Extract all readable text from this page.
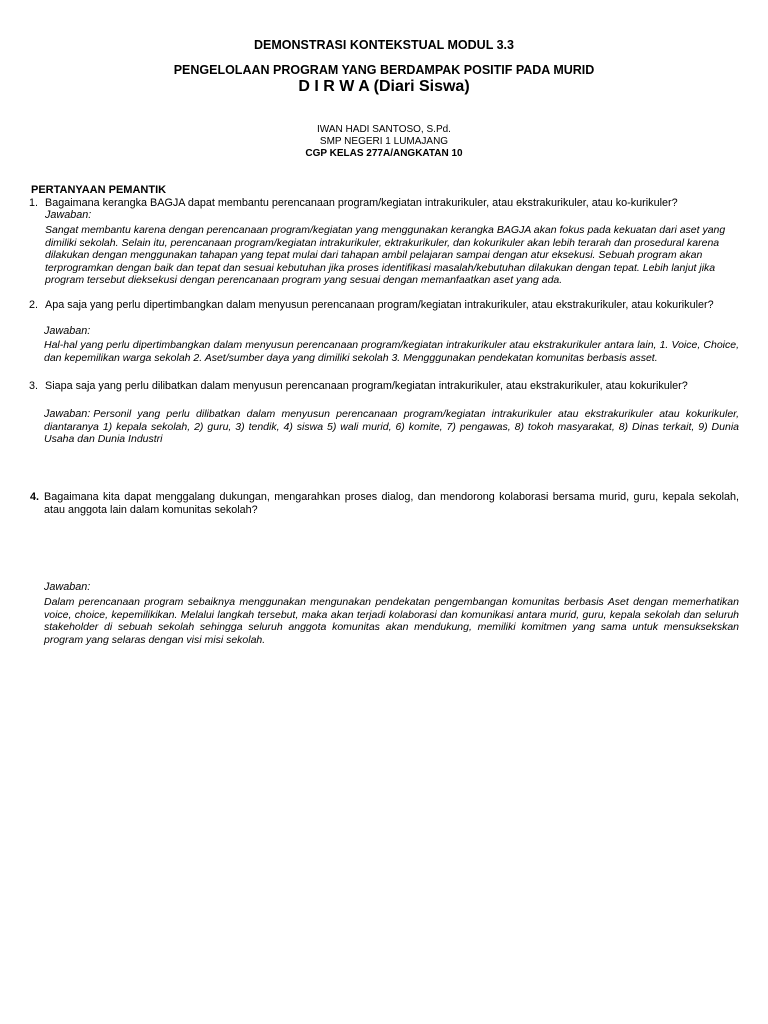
DEMONSTRASI KONTEKSTUAL MODUL 3.3
PENGELOLAAN PROGRAM YANG BERDAMPAK POSITIF PADA MURID
D I R W A (Diari Siswa)
IWAN HADI SANTOSO, S.Pd.
SMP NEGERI 1 LUMAJANG
CGP KELAS 277A/ANGKATAN 10
PERTANYAAN PEMANTIK
1. Bagaimana kerangka BAGJA dapat membantu perencanaan program/kegiatan intrakurikuler, atau ekstrakurikuler, atau ko-kurikuler?
Jawaban:
Sangat membantu karena dengan perencanaan program/kegiatan yang menggunakan kerangka BAGJA akan fokus pada kekuatan dari aset yang dimiliki sekolah. Selain itu, perencanaan program/kegiatan intrakurikuler, ektrakurikuler, dan kokurikuler akan lebih terarah dan prosedural karena dilakukan dengan menggunakan tahapan yang tepat mulai dari tahapan ambil pelajaran sampai dengan atur eksekusi. Sebuah program akan terprogramkan dengan baik dan tepat dan sesuai kebutuhan jika proses identifikasi masalah/kebutuhan dilakukan dengan tepat. Lebih lanjut jika program tersebut dieksekusi dengan perencanaan program yang sesuai dengan memanfaatkan aset yang ada.
2. Apa saja yang perlu dipertimbangkan dalam menyusun perencanaan program/kegiatan intrakurikuler, atau ekstrakurikuler, atau kokurikuler?
Jawaban:
Hal-hal yang perlu dipertimbangkan dalam menyusun perencanaan program/kegiatan intrakurikuler atau ekstrakurikuler antara lain, 1. Voice, Choice, dan kepemilikan warga sekolah 2. Aset/sumber daya yang dimiliki sekolah 3. Mengggunakan pendekatan komunitas berbasis asset.
3. Siapa saja yang perlu dilibatkan dalam menyusun perencanaan program/kegiatan intrakurikuler, atau ekstrakurikuler, atau kokurikuler?
Jawaban: Personil yang perlu dilibatkan dalam menyusun perencanaan program/kegiatan intrakurikuler atau ekstrakurikuler atau kokurikuler, diantaranya 1) kepala sekolah, 2) guru, 3) tendik, 4) siswa 5) wali murid, 6) komite, 7) pengawas, 8) tokoh masyarakat, 8) Dinas terkait, 9) Dunia Usaha dan Dunia Industri
4. Bagaimana kita dapat menggalang dukungan, mengarahkan proses dialog, dan mendorong kolaborasi bersama murid, guru, kepala sekolah, atau anggota lain dalam komunitas sekolah?
Jawaban:
Dalam perencanaan program sebaiknya menggunakan mengunakan pendekatan pengembangan komunitas berbasis Aset dengan memerhatikan voice, choice, kepemilikikan. Melalui langkah tersebut, maka akan terjadi kolaborasi dan komunikasi antara murid, guru, kepala sekolah dan seluruh stakeholder di sebuah sekolah sehingga seluruh anggota komunitas akan mendukung, memiliki komitmen yang sama untuk mensuksekskan program yang selaras dengan visi misi sekolah.
